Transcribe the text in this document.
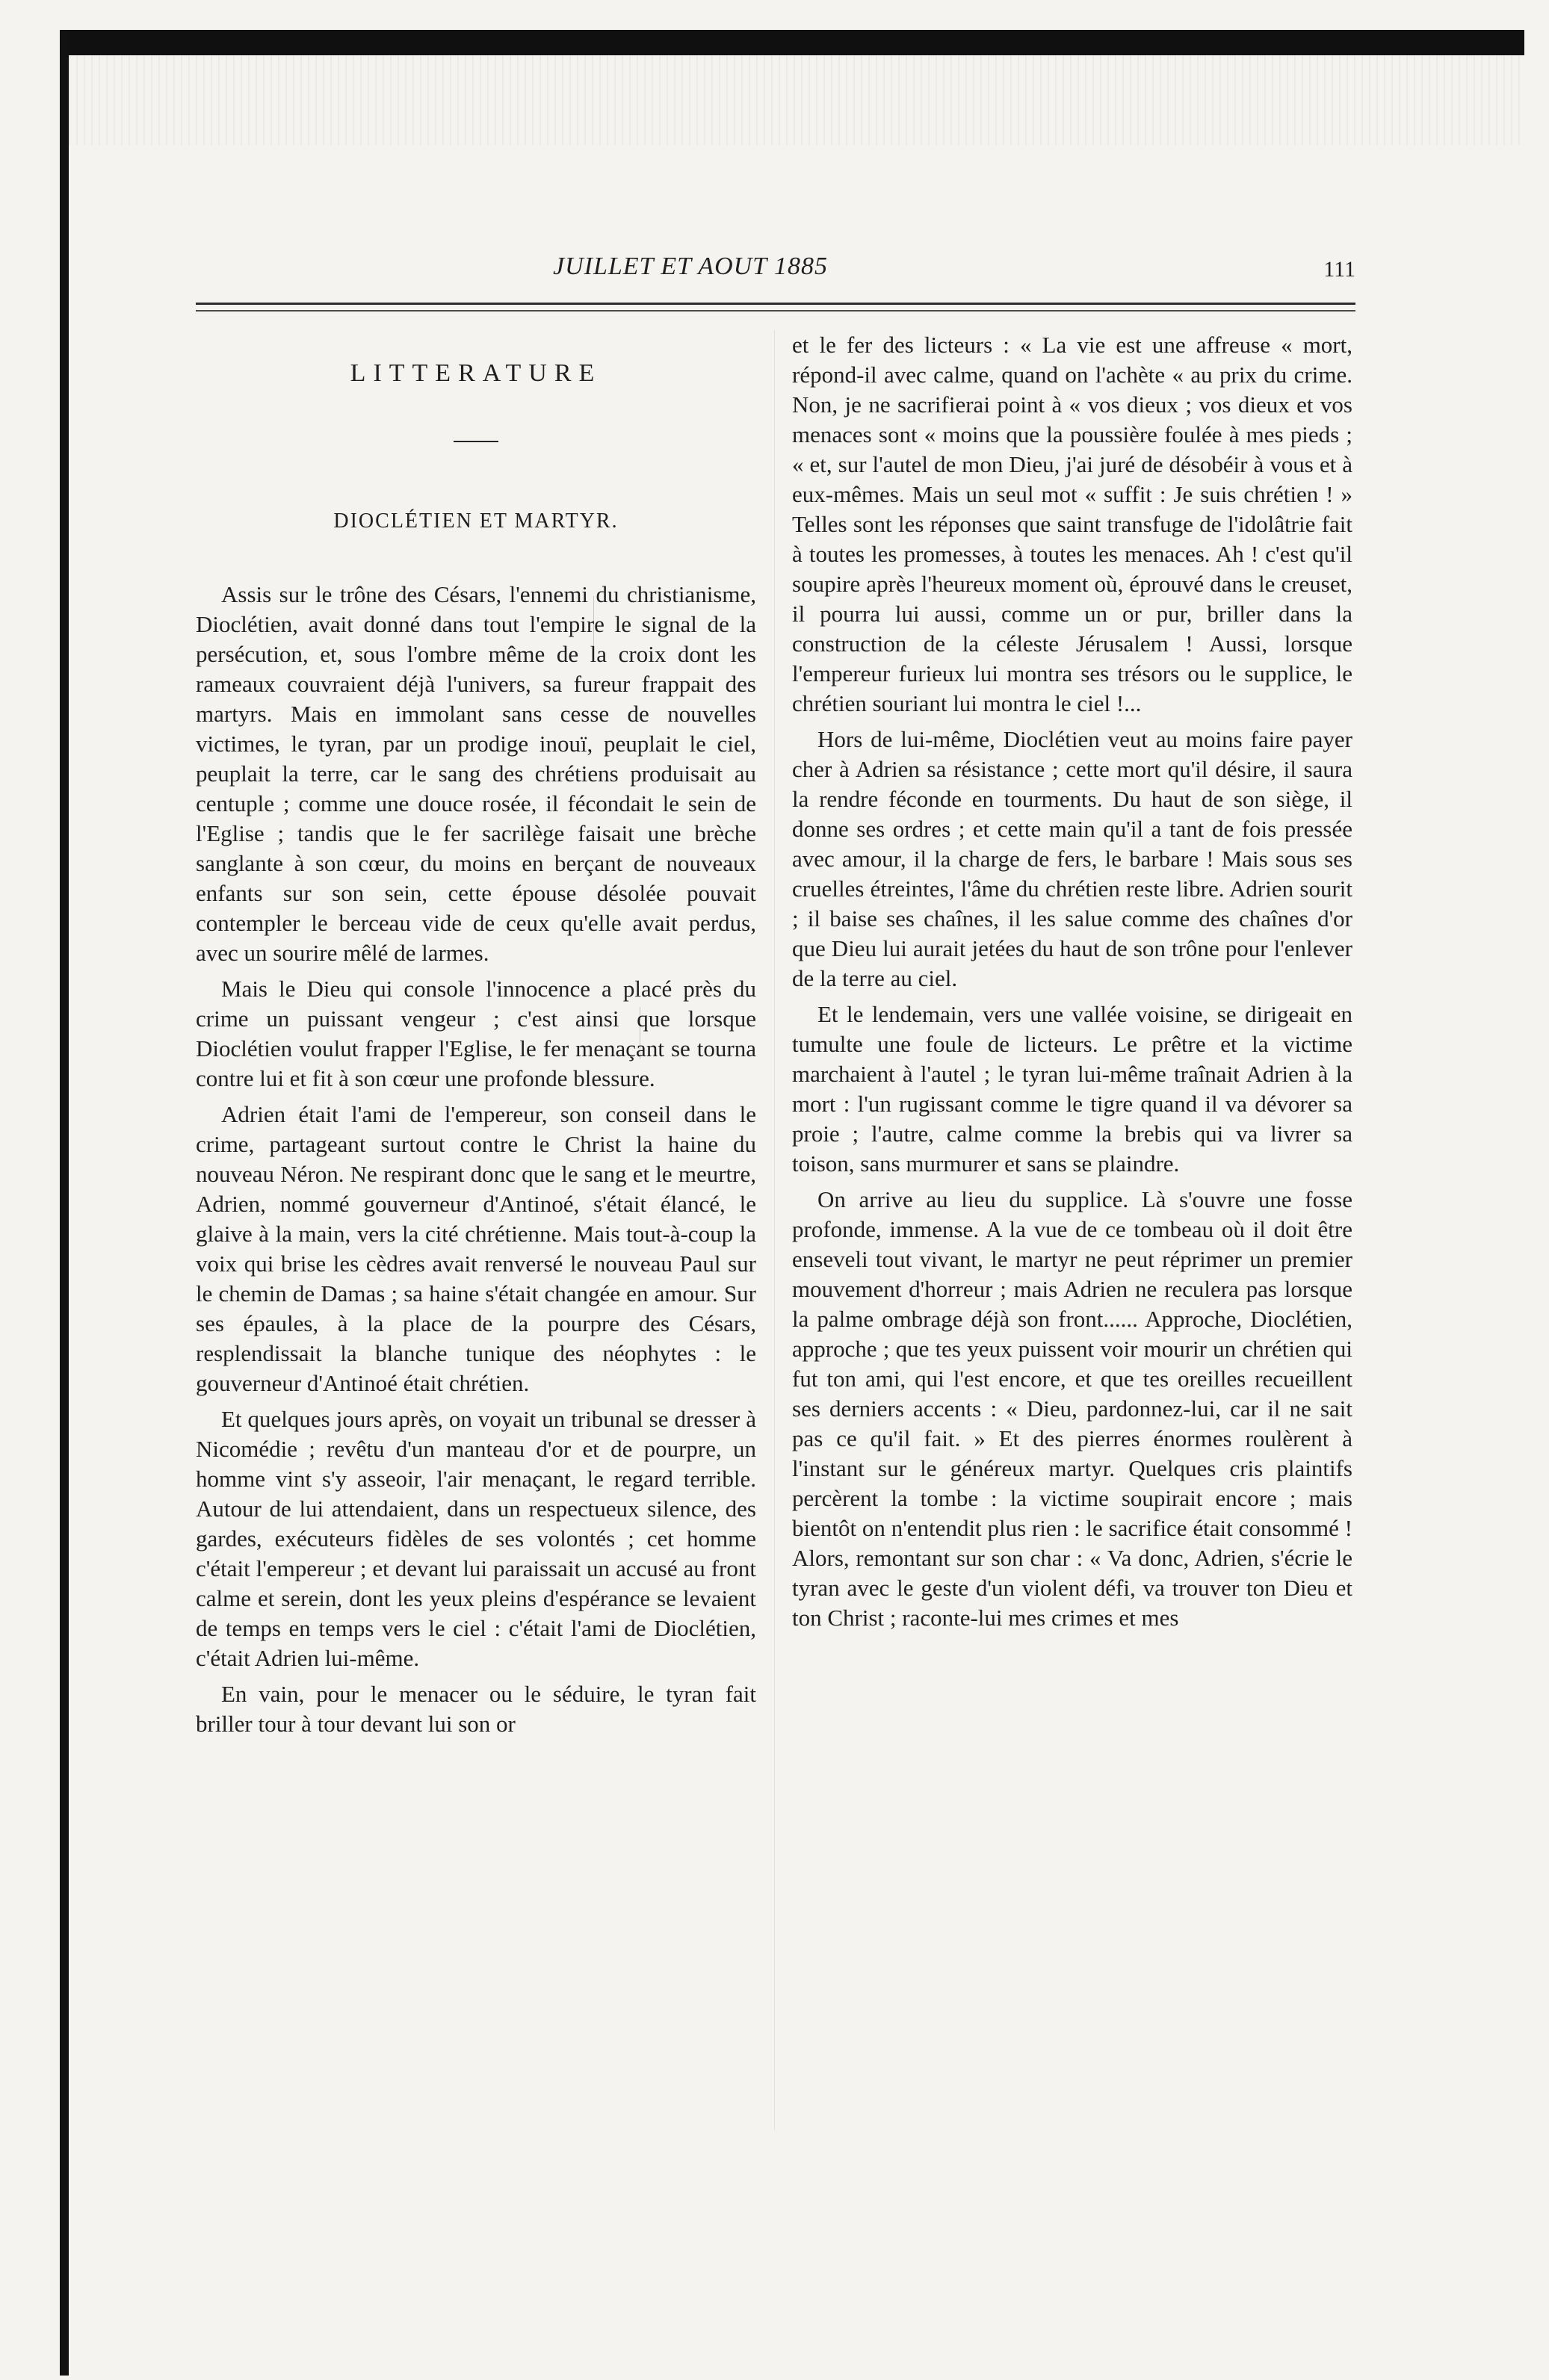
JUILLET ET AOUT 1885	111
LITTERATURE
DIOCLÉTIEN ET MARTYR.

Assis sur le trône des Césars, l'ennemi du christianisme, Dioclétien, avait donné dans tout l'empire le signal de la persécution, et, sous l'ombre même de la croix dont les rameaux couvraient déjà l'univers, sa fureur frappait des martyrs. Mais en immolant sans cesse de nouvelles victimes, le tyran, par un prodige inouï, peuplait le ciel, peuplait la terre, car le sang des chrétiens produisait au centuple ; comme une douce rosée, il fécondait le sein de l'Eglise ; tandis que le fer sacrilège faisait une brèche sanglante à son cœur, du moins en berçant de nouveaux enfants sur son sein, cette épouse désolée pouvait contempler le berceau vide de ceux qu'elle avait perdus, avec un sourire mêlé de larmes.

Mais le Dieu qui console l'innocence a placé près du crime un puissant vengeur ; c'est ainsi que lorsque Dioclétien voulut frapper l'Eglise, le fer menaçant se tourna contre lui et fit à son cœur une profonde blessure.

Adrien était l'ami de l'empereur, son conseil dans le crime, partageant surtout contre le Christ la haine du nouveau Néron. Ne respirant donc que le sang et le meurtre, Adrien, nommé gouverneur d'Antinoé, s'était élancé, le glaive à la main, vers la cité chrétienne. Mais tout-à-coup la voix qui brise les cèdres avait renversé le nouveau Paul sur le chemin de Damas ; sa haine s'était changée en amour. Sur ses épaules, à la place de la pourpre des Césars, resplendissait la blanche tunique des néophytes : le gouverneur d'Antinoé était chrétien.

Et quelques jours après, on voyait un tribunal se dresser à Nicomédie ; revêtu d'un manteau d'or et de pourpre, un homme vint s'y asseoir, l'air menaçant, le regard terrible. Autour de lui attendaient, dans un respectueux silence, des gardes, exécuteurs fidèles de ses volontés ; cet homme c'était l'empereur ; et devant lui paraissait un accusé au front calme et serein, dont les yeux pleins d'espérance se levaient de temps en temps vers le ciel : c'était l'ami de Dioclétien, c'était Adrien lui-même.

En vain, pour le menacer ou le séduire, le tyran fait briller tour à tour devant lui son or

et le fer des licteurs : « La vie est une affreuse « mort, répond-il avec calme, quand on l'achète « au prix du crime. Non, je ne sacrifierai point à « vos dieux ; vos dieux et vos menaces sont « moins que la poussière foulée à mes pieds ; « et, sur l'autel de mon Dieu, j'ai juré de désobéir à vous et à eux-mêmes. Mais un seul mot « suffit : Je suis chrétien ! » Telles sont les réponses que saint transfuge de l'idolâtrie fait à toutes les promesses, à toutes les menaces. Ah ! c'est qu'il soupire après l'heureux moment où, éprouvé dans le creuset, il pourra lui aussi, comme un or pur, briller dans la construction de la céleste Jérusalem ! Aussi, lorsque l'empereur furieux lui montra ses trésors ou le supplice, le chrétien souriant lui montra le ciel !...

Hors de lui-même, Dioclétien veut au moins faire payer cher à Adrien sa résistance ; cette mort qu'il désire, il saura la rendre féconde en tourments. Du haut de son siège, il donne ses ordres ; et cette main qu'il a tant de fois pressée avec amour, il la charge de fers, le barbare ! Mais sous ses cruelles étreintes, l'âme du chrétien reste libre. Adrien sourit ; il baise ses chaînes, il les salue comme des chaînes d'or que Dieu lui aurait jetées du haut de son trône pour l'enlever de la terre au ciel.

Et le lendemain, vers une vallée voisine, se dirigeait en tumulte une foule de licteurs. Le prêtre et la victime marchaient à l'autel ; le tyran lui-même traînait Adrien à la mort : l'un rugissant comme le tigre quand il va dévorer sa proie ; l'autre, calme comme la brebis qui va livrer sa toison, sans murmurer et sans se plaindre.

On arrive au lieu du supplice. Là s'ouvre une fosse profonde, immense. A la vue de ce tombeau où il doit être enseveli tout vivant, le martyr ne peut réprimer un premier mouvement d'horreur ; mais Adrien ne reculera pas lorsque la palme ombrage déjà son front...... Approche, Dioclétien, approche ; que tes yeux puissent voir mourir un chrétien qui fut ton ami, qui l'est encore, et que tes oreilles recueillent ses derniers accents : « Dieu, pardonnez-lui, car il ne sait pas ce qu'il fait. » Et des pierres énormes roulèrent à l'instant sur le généreux martyr. Quelques cris plaintifs percèrent la tombe : la victime soupirait encore ; mais bientôt on n'entendit plus rien : le sacrifice était consommé ! Alors, remontant sur son char : « Va donc, Adrien, s'écrie le tyran avec le geste d'un violent défi, va trouver ton Dieu et ton Christ ; raconte-lui mes crimes et mes
